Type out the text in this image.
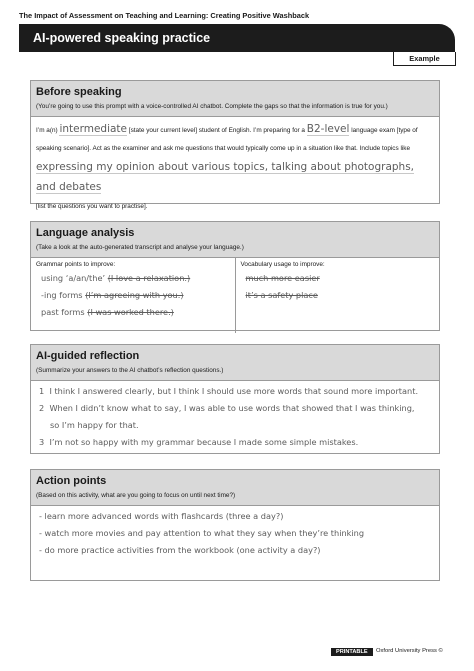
The Impact of Assessment on Teaching and Learning: Creating Positive Washback
AI-powered speaking practice
Example
Before speaking
(You’re going to use this prompt with a voice-controlled AI chatbot. Complete the gaps so that the information is true for you.)
I’m a(n) intermediate [state your current level] student of English. I’m preparing for a B2-level language exam [type of speaking scenario]. Act as the examiner and ask me questions that would typically come up in a situation like that. Include topics like expressing my opinion about various topics, talking about photographs, and debates
[list the questions you want to practise].
Language analysis
(Take a look at the auto-generated transcript and analyse your language.)
Grammar points to improve:
using ‘a/an/the’ (I love a relaxation.)
-ing forms (I’m agreeing with you.)
past forms (I was worked there.)
Vocabulary usage to improve:
much more easier
it’s a safety place
AI-guided reflection
(Summarize your answers to the AI chatbot’s reflection questions.)
1 I think I answered clearly, but I think I should use more words that sound more important.
2 When I didn’t know what to say, I was able to use words that showed that I was thinking,
so I’m happy for that.
3 I’m not so happy with my grammar because I made some simple mistakes.
Action points
(Based on this activity, what are you going to focus on until next time?)
- learn more advanced words with flashcards (three a day?)
- watch more movies and pay attention to what they say when they’re thinking
- do more practice activities from the workbook (one activity a day?)
PRINTABLE	Oxford University Press ©
